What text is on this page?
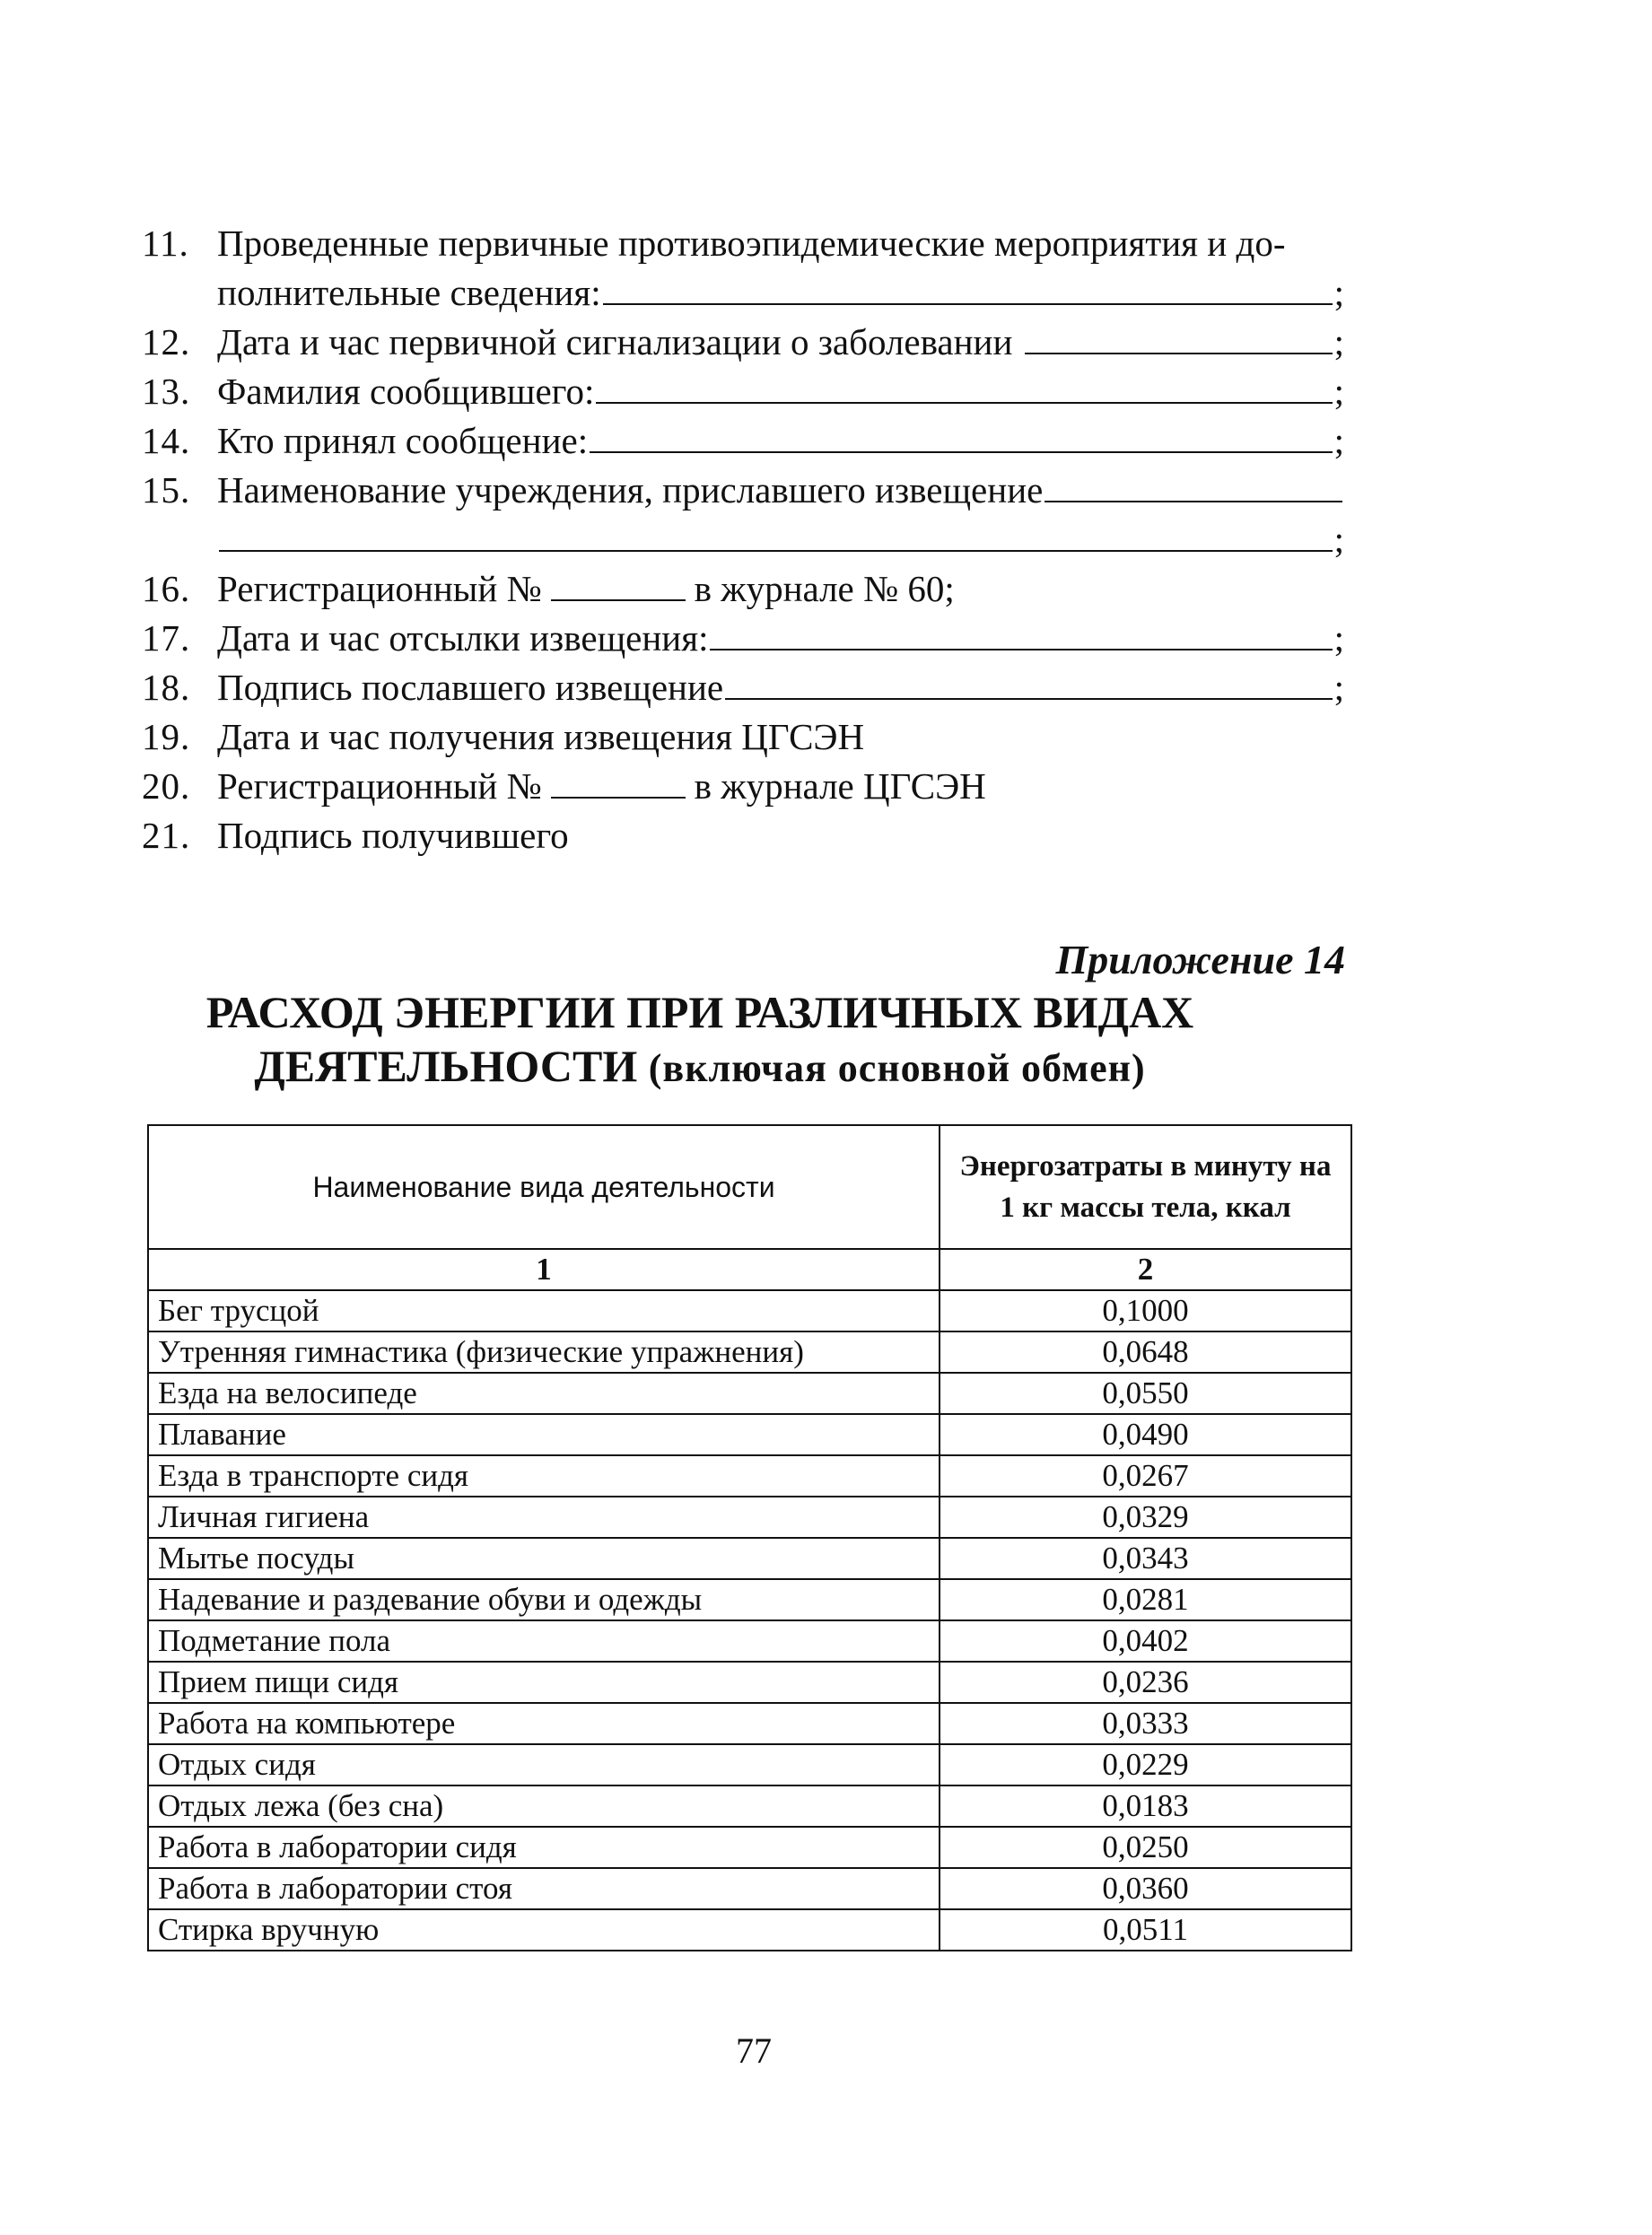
11. Проведенные первичные противоэпидемические мероприятия и до-
полнительные сведения:	;
12. Дата и час первичной сигнализации о заболевании	;
13. Фамилия сообщившего:	;
14. Кто принял сообщение:	;
15. Наименование учреждения, приславшего извещение
;
16. Регистрационный №	в журнале № 60;
17. Дата и час отсылки извещения:	;
18. Подпись пославшего извещение	;
19. Дата и час получения извещения ЦГСЭН
20. Регистрационный №	в журнале ЦГСЭН
21. Подпись получившего
Приложение 14
РАСХОД ЭНЕРГИИ ПРИ РАЗЛИЧНЫХ ВИДАХ
ДЕЯТЕЛЬНОСТИ (включая основной обмен)
Наименование вида деятельности	Энергозатраты в минуту на 1 кг массы тела, ккал
1	2
Бег трусцой	0,1000
Утренняя гимнастика (физические упражнения)	0,0648
Езда на велосипеде	0,0550
Плавание	0,0490
Езда в транспорте сидя	0,0267
Личная гигиена	0,0329
Мытье посуды	0,0343
Надевание и раздевание обуви и одежды	0,0281
Подметание пола	0,0402
Прием пищи сидя	0,0236
Работа на компьютере	0,0333
Отдых сидя	0,0229
Отдых лежа (без сна)	0,0183
Работа в лаборатории сидя	0,0250
Работа в лаборатории стоя	0,0360
Стирка вручную	0,0511
77
